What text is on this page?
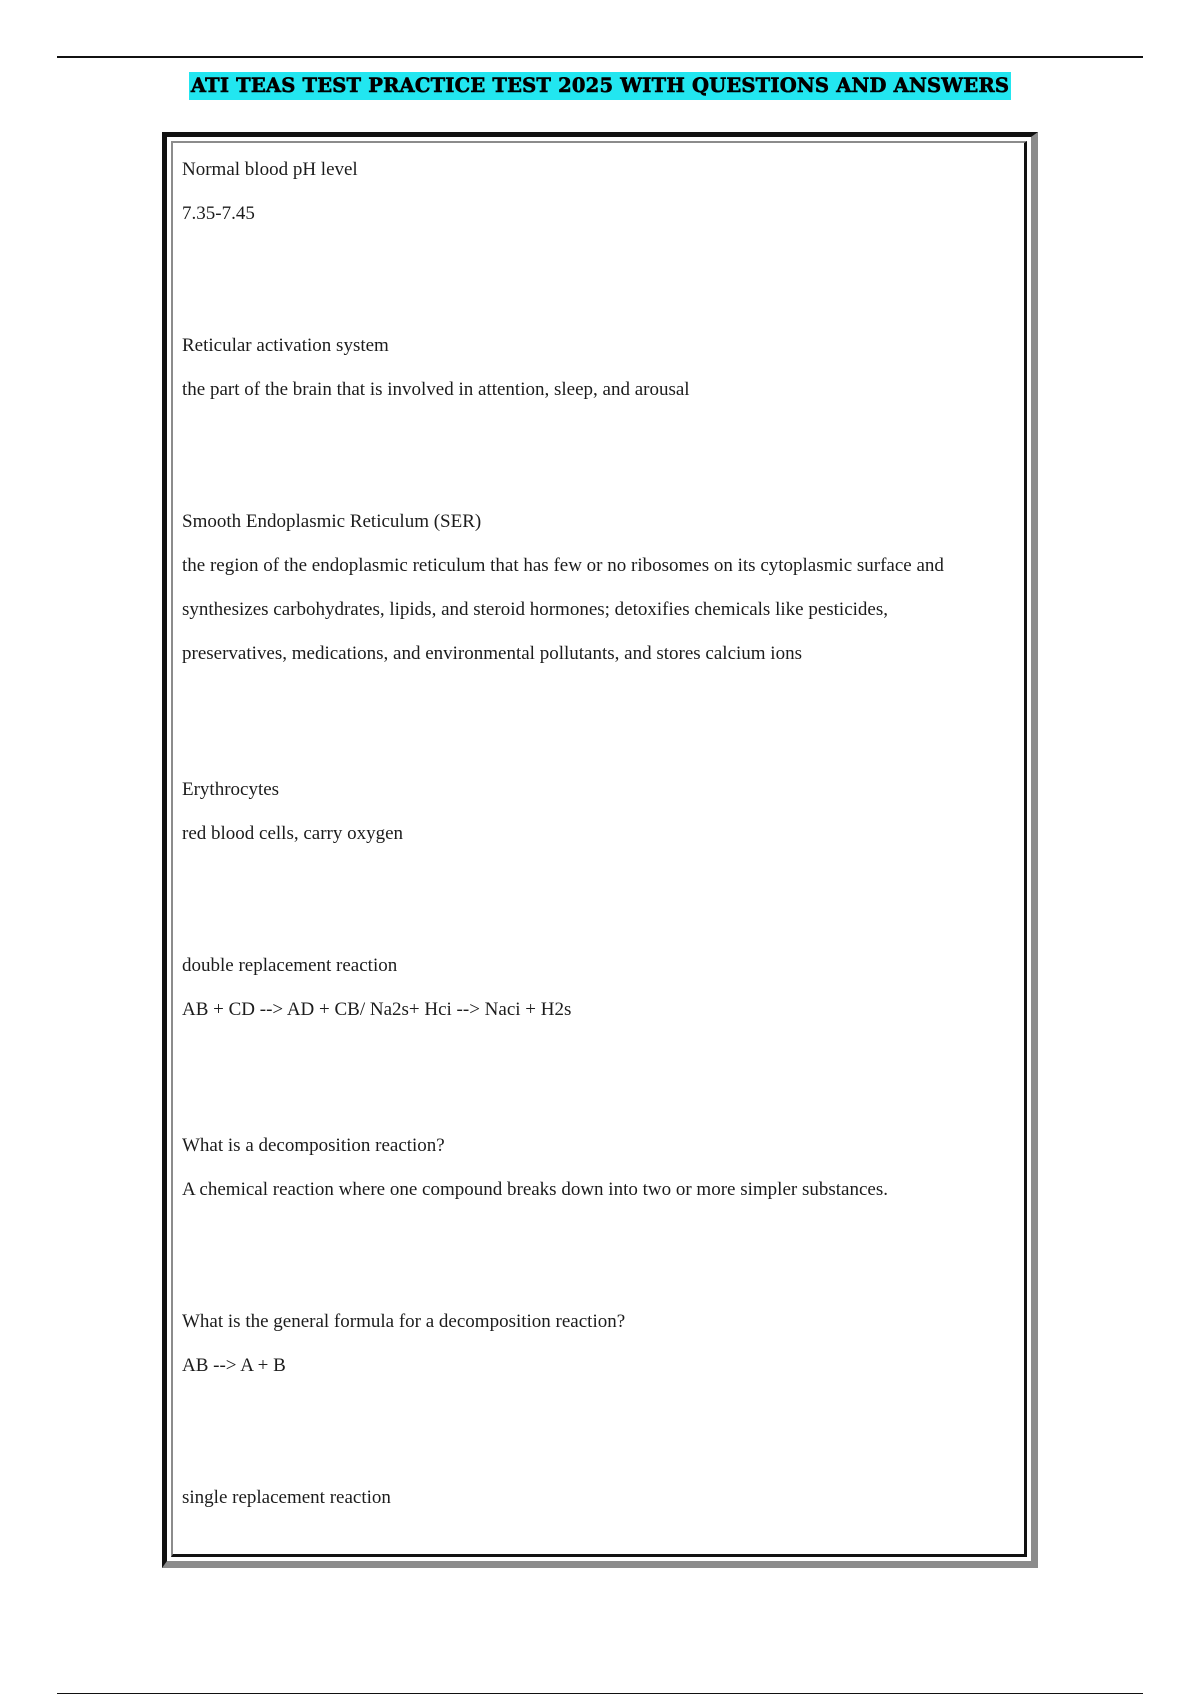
ATI TEAS TEST PRACTICE TEST 2025 WITH QUESTIONS AND ANSWERS

Normal blood pH level

7.35-7.45

Reticular activation system

the part of the brain that is involved in attention, sleep, and arousal

Smooth Endoplasmic Reticulum (SER)

the region of the endoplasmic reticulum that has few or no ribosomes on its cytoplasmic surface and

synthesizes carbohydrates, lipids, and steroid hormones; detoxifies chemicals like pesticides,

preservatives, medications, and environmental pollutants, and stores calcium ions

Erythrocytes

red blood cells, carry oxygen

double replacement reaction

AB + CD --> AD + CB/ Na2s+ Hci --> Naci + H2s

What is a decomposition reaction?

A chemical reaction where one compound breaks down into two or more simpler substances.

What is the general formula for a decomposition reaction?

AB --> A + B

single replacement reaction
